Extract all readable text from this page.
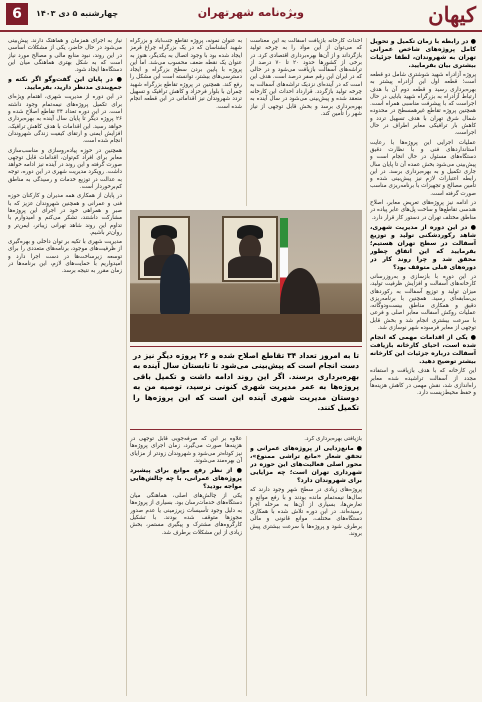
کیهان
ویژه‌نامه شهرتهران
چهارشنبه ۵ دی ۱۴۰۳
6

● در رابطه با زمان تکمیل و تحویل کامل پروژه‌های شاخص عمرانی تهران به شهروندان، لطفا جزئیات بیشتری بیان بفرمایید.

پروژه آزادراه شهید شوشتری شامل دو قطعه است؛ قطعه اول این آزادراه پیشتر به بهره‌برداری رسید و قطعه دوم آن با هدف ارتباط آزادراه به بزرگراه شهید بابایی در حال اجراست که با پیشرفت مناسبی همراه است. همچنین پروژه تقاطع غیرهمسطح در محدوده شمال شرق تهران با هدف تسهیل تردد و کاهش بار ترافیکی معابر اطراف در حال اجراست.

عملیات اجرایی این پروژه‌ها با رعایت استانداردهای فنی و با نظارت دقیق دستگاه‌های مسئول در حال انجام است و پیش‌بینی می‌شود بخش عمده آن تا پایان سال جاری تکمیل و به بهره‌برداری برسد. در این رابطه اعتبارات لازم نیز پیش‌بینی شده و تأمین مصالح و تجهیزات با برنامه‌ریزی مناسب صورت گرفته است.

در ادامه نیز پروژه‌های تعریض معابر، اصلاح هندسی تقاطع‌ها و ساخت پل‌های عابر پیاده در مناطق مختلف تهران در دستور کار قرار دارد.

● در این دوره از مدیریت شهری، شاهد رکوردشکنی تولید و توزیع آسفالت در سطح تهران هستیم؛ بفرمایید که این اتفاق چطور محقق شد و چرا روند کار در دوره‌های قبلی متوقف بود؟

در این دوره با بازسازی و به‌روزرسانی کارخانه‌های آسفالت و افزایش ظرفیت تولید، میزان تولید و توزیع آسفالت به رکوردهای بی‌سابقه‌ای رسید. همچنین با برنامه‌ریزی دقیق و همکاری مناطق بیست‌ودوگانه، عملیات روکش آسفالت معابر اصلی و فرعی با سرعت بیشتری انجام شد و بخش قابل توجهی از معابر فرسوده شهر نوسازی شد.

● یکی از اقدامات مهمی که انجام شده است، احیای کارخانه بازیافت آسفالت درباره جزئیات این کارخانه بیشتر توضیح دهید.

این کارخانه که با هدف بازیافت و استفاده مجدد از آسفالت تراشیده شده معابر راه‌اندازی شد، نقش مهمی در کاهش هزینه‌ها و حفظ محیط‌زیست دارد.

احداث کارخانه بازیافت آسفالت به این معناست که می‌توان از این مواد را به چرخه تولید بازگرداند و از آن‌ها بهره‌برداری اقتصادی کرد. در برخی از کشورها حدود ۲۰ تا ۷۰ درصد از تراشه‌های آسفالت بازیافت می‌شود و در حالی که در ایران این رقم صفر درصد است. هدف این است که در آینده‌ای نزدیک تراشه‌های آسفالت به چرخه تولید بازگردد. قرارداد احداث این کارخانه منعقد شده و پیش‌بینی می‌شود در سال آینده به بهره‌برداری برسد و بخش قابل توجهی از نیاز شهر را تأمین کند.

به عنوان نمونه، پروژه تقاطع جنت‌آباد و بزرگراه شهید آبشناسان که در یک بزرگراه چراغ قرمز ایجاد شده بود با وجود اتصال به یکدیگر، هنوز به عنوان یک نقطه ضعف محسوب می‌شد. اما این پروژه با پایین بردن سطح بزرگراه و ایجاد دسترسی‌های بیشتر، توانسته است این مشکل را رفع کند. همچنین در پروژه تقاطع بزرگراه شهید چمران با بلوار فرحزاد و کاهش ترافیک و تسهیل تردد شهروندان نیز اقداماتی در این قطعه انجام شده است.

نیاز به اجرای همزمان و هماهنگ دارند. پیش‌بینی می‌شود در حال حاضر، یکی از مشکلات اساسی در این روند، نبود منابع مالی و مصالح مورد نیاز است که به شکل بهتری هماهنگی میان این دستگاه‌ها ایجاد شود.

● در پایان این گفت‌وگو اگر نکته و جمع‌بندی مدنظر دارید، بفرمایید.

در این دوره از مدیریت شهری، اهتمام ویژه‌ای برای تکمیل پروژه‌های نیمه‌تمام وجود داشته است. در این دوره تعداد ۳۴ تقاطع اصلاح شده و ۲۶ پروژه دیگر تا پایان سال آینده به بهره‌برداری خواهد رسید. این اقدامات با هدف کاهش ترافیک، افزایش ایمنی و ارتقای کیفیت زندگی شهروندان انجام شده است.

همچنین در حوزه پیاده‌روسازی و مناسب‌سازی معابر برای افراد کم‌توان، اقدامات قابل توجهی صورت گرفته و این روند در آینده نیز ادامه خواهد داشت. رویکرد مدیریت شهری در این دوره، توجه به عدالت در توزیع خدمات و رسیدگی به مناطق کم‌برخوردار است.

در پایان از همکاری همه مدیران و کارکنان حوزه فنی و عمرانی و همچنین شهروندان عزیز که با صبر و همراهی خود در اجرای این پروژه‌ها مشارکت داشتند، تشکر می‌کنم و امیدوارم با تداوم این روند شاهد تهرانی زیباتر، ایمن‌تر و روان‌تر باشیم.

مدیریت شهری با تکیه بر توان داخلی و بهره‌گیری از ظرفیت‌های موجود، برنامه‌های متعددی را برای توسعه زیرساخت‌ها در دست اجرا دارد و امیدواریم با حمایت‌های لازم، این برنامه‌ها در زمان مقرر به نتیجه برسد.

بازیافتی بهره‌برداری کرد.

● مانع‌زدایی از پروژه‌های عمرانی و تحقق شعار «مانع تراشی ممنوع»، محور اصلی فعالیت‌های این حوزه در شهرداری تهران است؛ چه مزایایی برای شهروندان دارد؟

پروژه‌های زیادی در سطح شهر وجود دارند که سال‌ها نیمه‌تمام مانده بودند و با رفع موانع و تعارض‌ها، بسیاری از آن‌ها به مرحله اجرا رسیده‌اند. در این دوره تلاش شده با همکاری دستگاه‌های مختلف، موانع قانونی و مالی برطرف شود و پروژه‌ها با سرعت بیشتری پیش بروند.

علاوه بر این که صرفه‌جویی قابل توجهی در هزینه‌ها صورت می‌گیرد، زمان اجرای پروژه‌ها نیز کوتاه‌تر می‌شود و شهروندان زودتر از مزایای آن بهره‌مند می‌شوند.

● از نظر رفع موانع برای پیشبرد پروژه‌های عمرانی، با چه چالش‌هایی مواجه بودید؟

یکی از چالش‌های اصلی، هماهنگی میان دستگاه‌های خدمات‌رسان بود. بسیاری از پروژه‌ها به دلیل وجود تأسیسات زیرزمینی یا عدم صدور مجوزها متوقف شده بودند. با تشکیل کارگروه‌های مشترک و پیگیری مستمر، بخش زیادی از این مشکلات برطرف شد.

تا به امروز تعداد ۳۴ تقاطع اصلاح شده و ۲۶ پروژه دیگر نیز در دست انجام است که پیش‌بینی می‌شود تا تابستان سال آینده به بهره‌برداری برسند. اگر این روند ادامه داشت و تکمیل باقی پروژه‌ها به عمر مدیریت شهری کنونی نرسید، توصیه من به دوستان مدیریت شهری آینده این است که این پروژه‌ها را تکمیل کنند.
